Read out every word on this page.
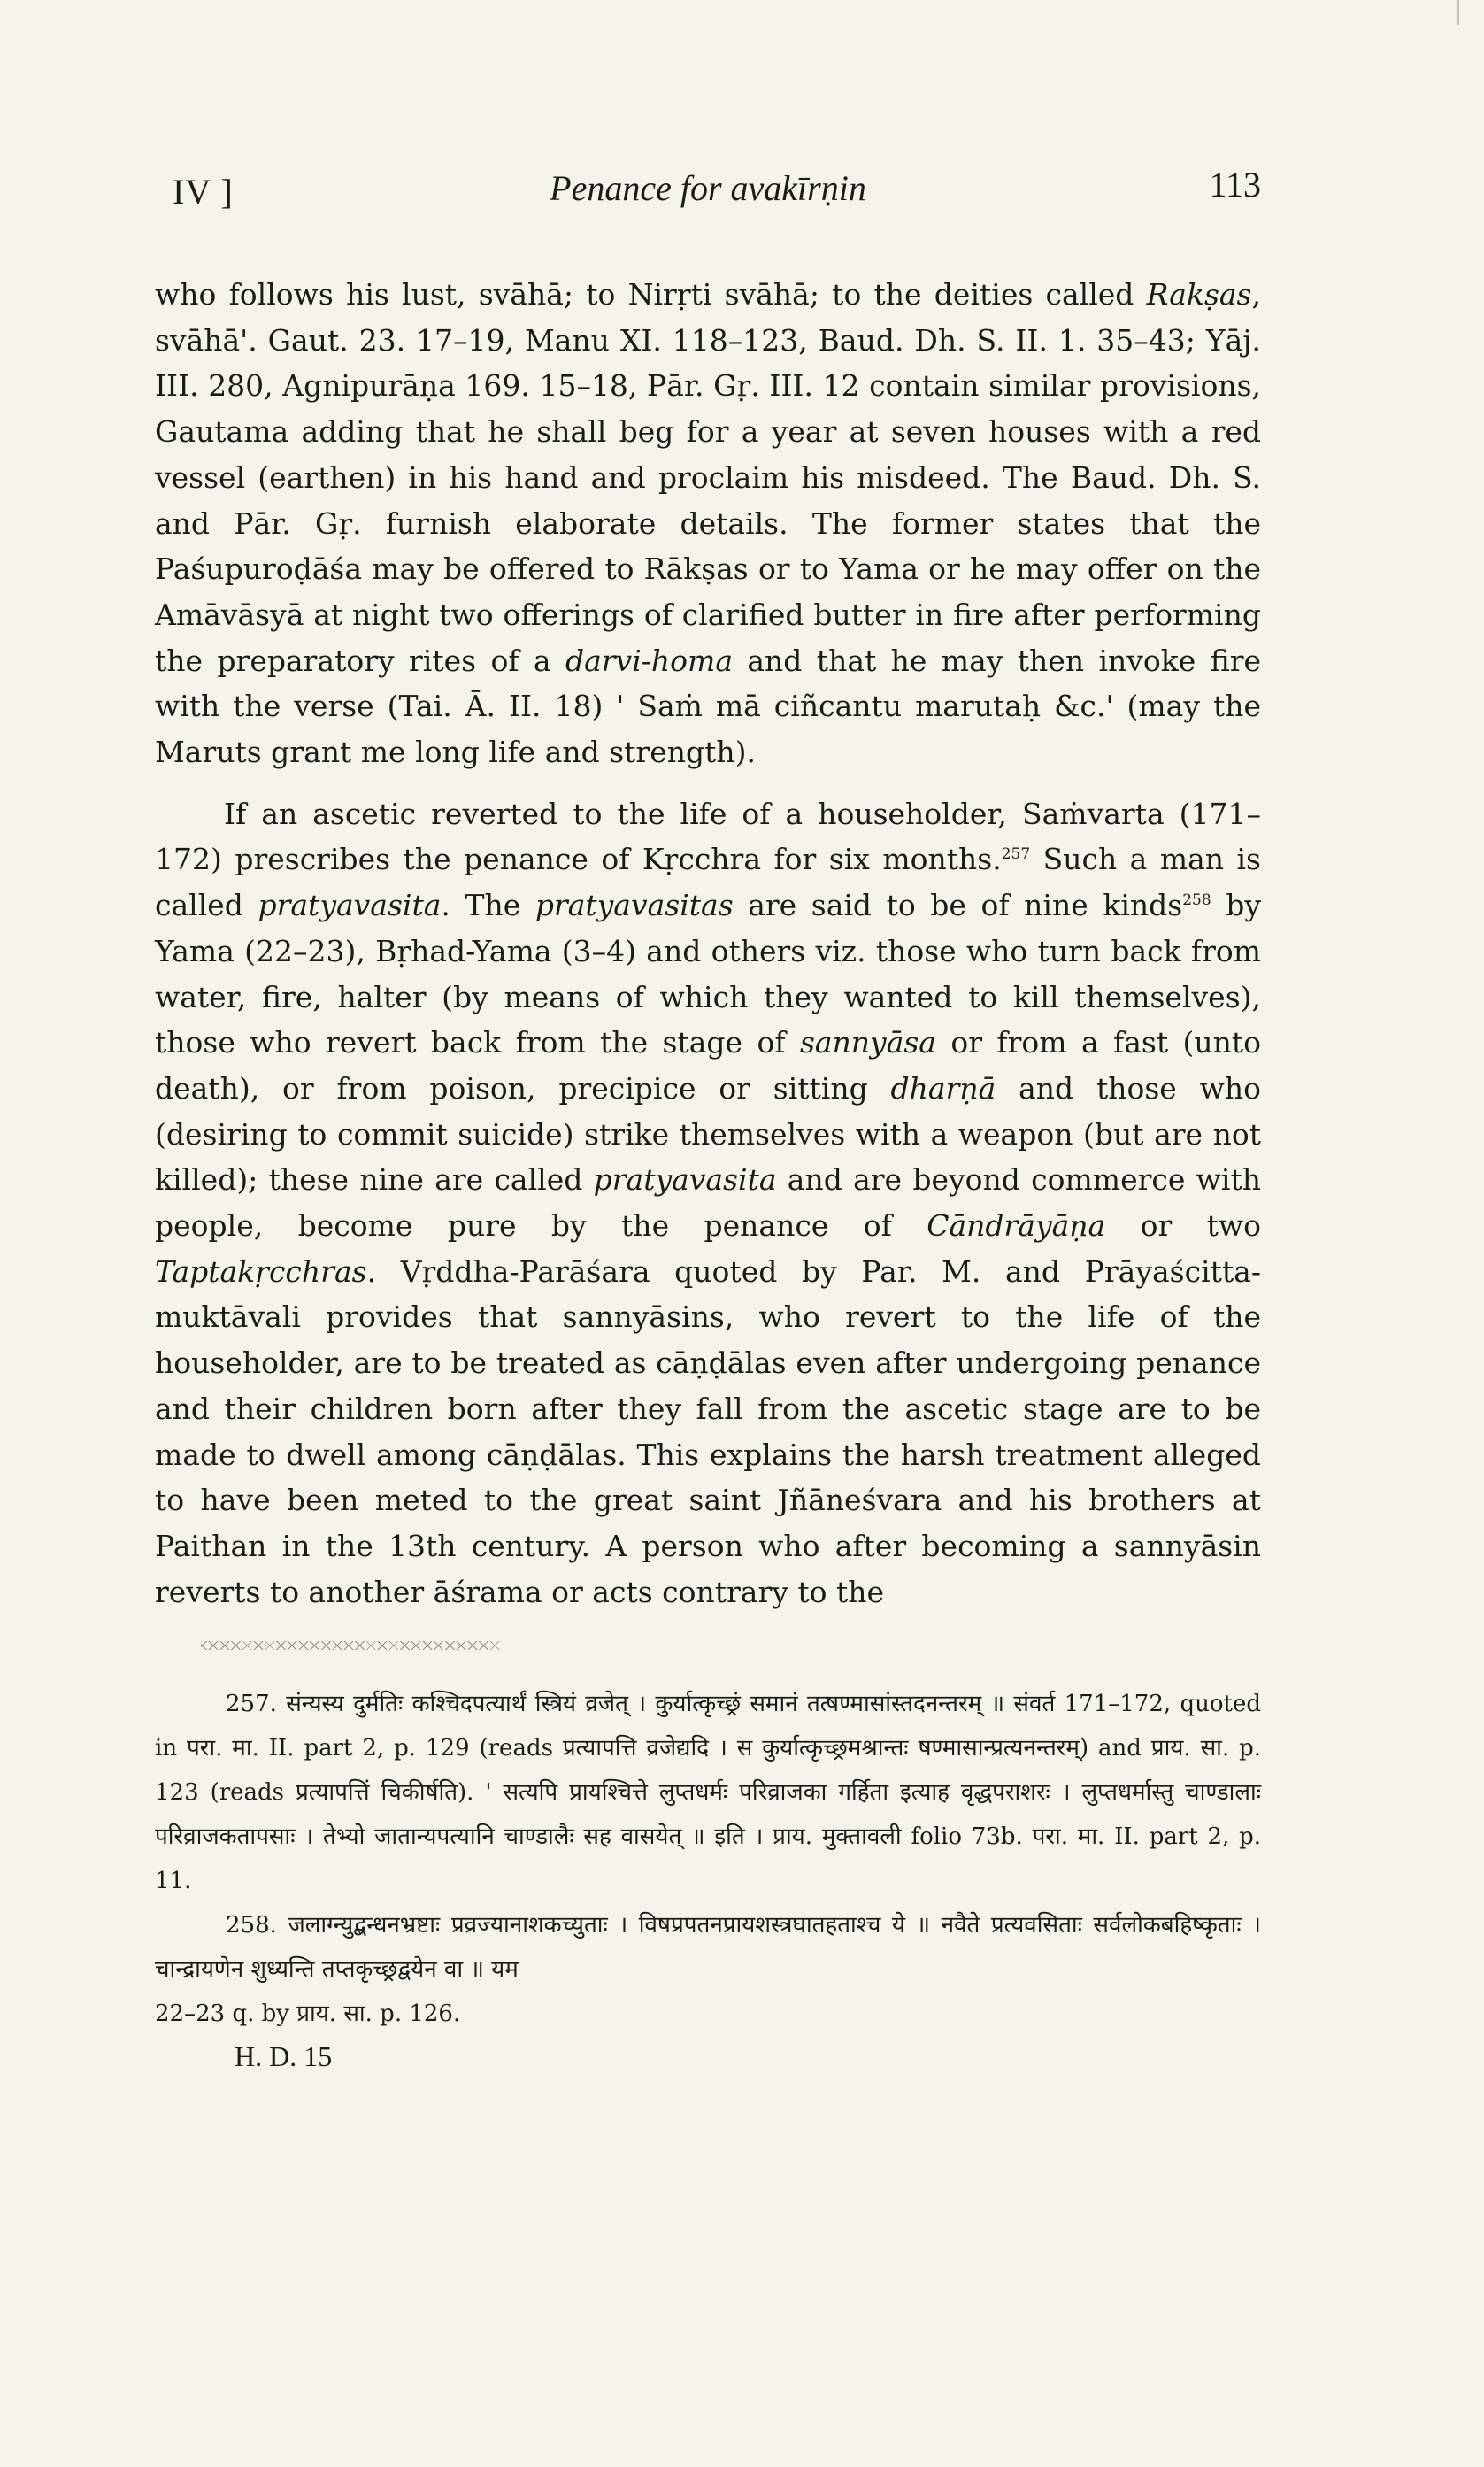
IV ]	Penance for avakīrṇin	113

who follows his lust, svāhā; to Nirṛti svāhā; to the deities called Rakṣas, svāhā'. Gaut. 23. 17–19, Manu XI. 118–123, Baud. Dh. S. II. 1. 35–43; Yāj. III. 280, Agnipurāṇa 169. 15–18, Pār. Gṛ. III. 12 contain similar provisions, Gautama adding that he shall beg for a year at seven houses with a red vessel (earthen) in his hand and proclaim his misdeed. The Baud. Dh. S. and Pār. Gṛ. furnish elaborate details. The former states that the Paśupuroḍāśa may be offered to Rākṣas or to Yama or he may offer on the Amāvāsyā at night two offerings of clarified butter in fire after performing the preparatory rites of a darvi-homa and that he may then invoke fire with the verse (Tai. Ā. II. 18) ' Saṁ mā ciñcantu marutaḥ &c.' (may the Maruts grant me long life and strength).

If an ascetic reverted to the life of a householder, Saṁvarta (171–172) prescribes the penance of Kṛcchra for six months.$^{257}$ Such a man is called pratyavasita. The pratyavasitas are said to be of nine kinds$^{258}$ by Yama (22–23), Bṛhad-Yama (3–4) and others viz. those who turn back from water, fire, halter (by means of which they wanted to kill themselves), those who revert back from the stage of sannyāsa or from a fast (unto death), or from poison, precipice or sitting dharṇā and those who (desiring to commit suicide) strike themselves with a weapon (but are not killed); these nine are called pratyavasita and are beyond commerce with people, become pure by the penance of Cāndrāyāṇa or two Taptakṛcchras. Vṛddha-Parāśara quoted by Par. M. and Prāyaścitta-muktāvali provides that sannyāsins, who revert to the life of the householder, are to be treated as cāṇḍālas even after undergoing penance and their children born after they fall from the ascetic stage are to be made to dwell among cāṇḍālas. This explains the harsh treatment alleged to have been meted to the great saint Jñāneśvara and his brothers at Paithan in the 13th century. A person who after becoming a sannyāsin reverts to another āśrama or acts contrary to the

257. संन्यस्य दुर्मतिः कश्चिदपत्यार्थं स्त्रियं व्रजेत् । कुर्यात्कृच्छ्रं समानं तत्षण्मासांस्तदनन्तरम् ॥ संवर्त 171–172, quoted in परा. मा. II. part 2, p. 129 (reads प्रत्यापत्ति व्रजेद्यदि । स कुर्यात्कृच्छ्रमश्रान्तः षण्मासान्प्रत्यनन्तरम्) and प्राय. सा. p. 123 (reads प्रत्यापत्तिं चिकीर्षति). ' सत्यपि प्रायश्चित्ते लुप्तधर्मः परिव्राजका गर्हिता इत्याह वृद्धपराशरः । लुप्तधर्मास्तु चाण्डालाः परिव्राजकतापसाः । तेभ्यो जातान्यपत्यानि चाण्डालैः सह वासयेत् ॥ इति । प्राय. मुक्तावली folio 73b. परा. मा. II. part 2, p. 11.

258. जलाग्न्युद्बन्धनभ्रष्टाः प्रव्रज्यानाशकच्युताः । विषप्रपतनप्रायशस्त्रघातहताश्च ये ॥ नवैते प्रत्यवसिताः सर्वलोकबहिष्कृताः । चान्द्रायणेन शुध्यन्ति तप्तकृच्छ्रद्वयेन वा ॥ यम

22–23 q. by प्राय. सा. p. 126.

H. D. 15
